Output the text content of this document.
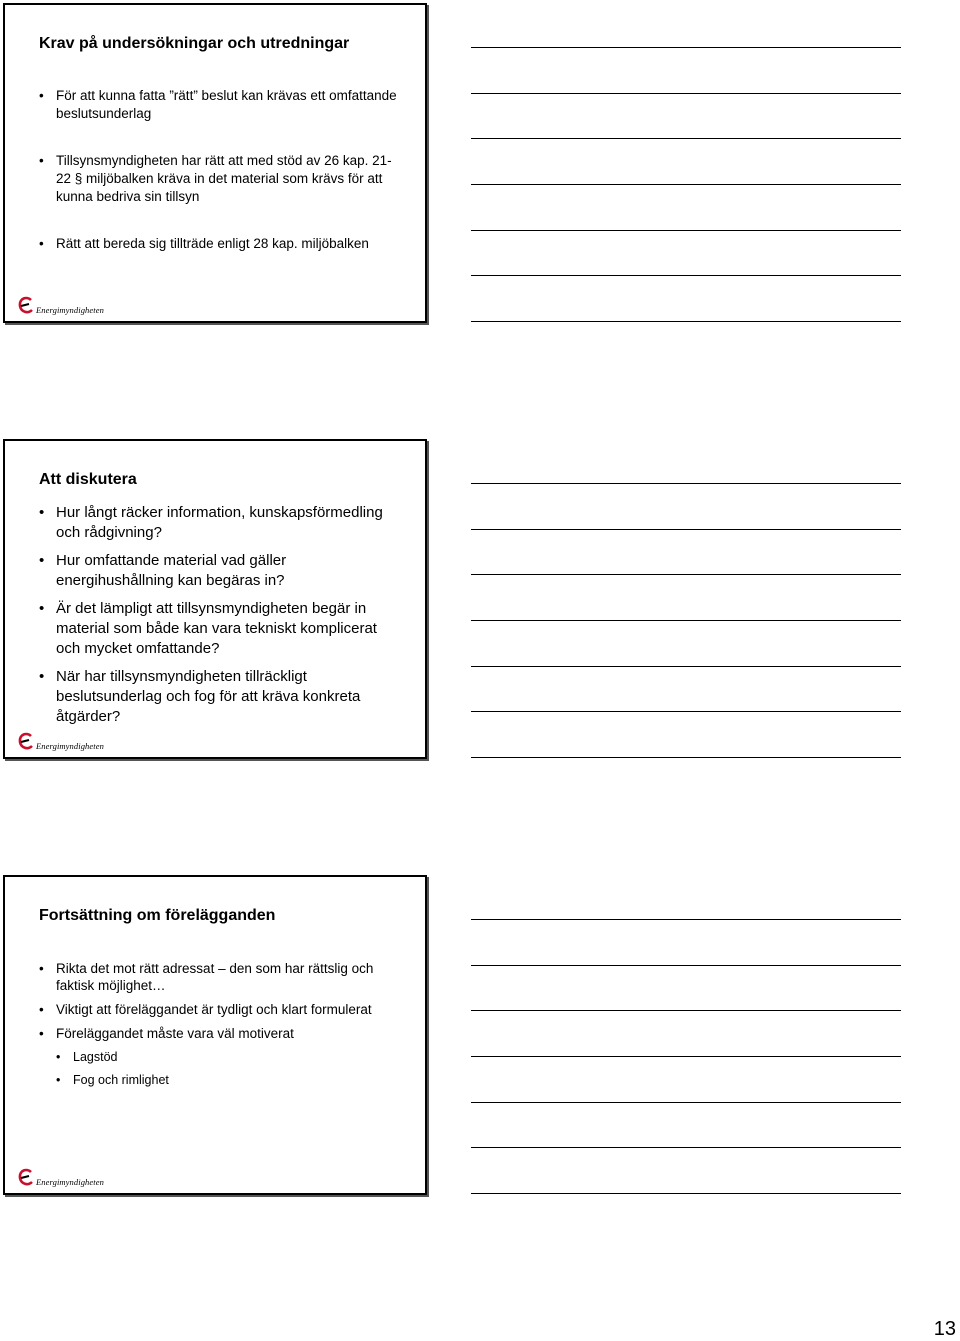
Krav på undersökningar och utredningar
• För att kunna fatta ”rätt” beslut kan krävas ett omfattande beslutsunderlag
• Tillsynsmyndigheten har rätt att med stöd av 26 kap. 21-22 § miljöbalken kräva in det material som krävs för att kunna bedriva sin tillsyn
• Rätt att bereda sig tillträde enligt 28 kap. miljöbalken
Energimyndigheten
Att diskutera
• Hur långt räcker information, kunskapsförmedling och rådgivning?
• Hur omfattande material vad gäller energihushållning kan begäras in?
• Är det lämpligt att tillsynsmyndigheten begär in material som både kan vara tekniskt komplicerat och mycket omfattande?
• När har tillsynsmyndigheten tillräckligt beslutsunderlag och fog för att kräva konkreta åtgärder?
Energimyndigheten
Fortsättning om förelägganden
• Rikta det mot rätt adressat – den som har rättslig och faktisk möjlighet…
• Viktigt att föreläggandet är tydligt och klart formulerat
• Föreläggandet måste vara väl motiverat
• Lagstöd
• Fog och rimlighet
Energimyndigheten
13
